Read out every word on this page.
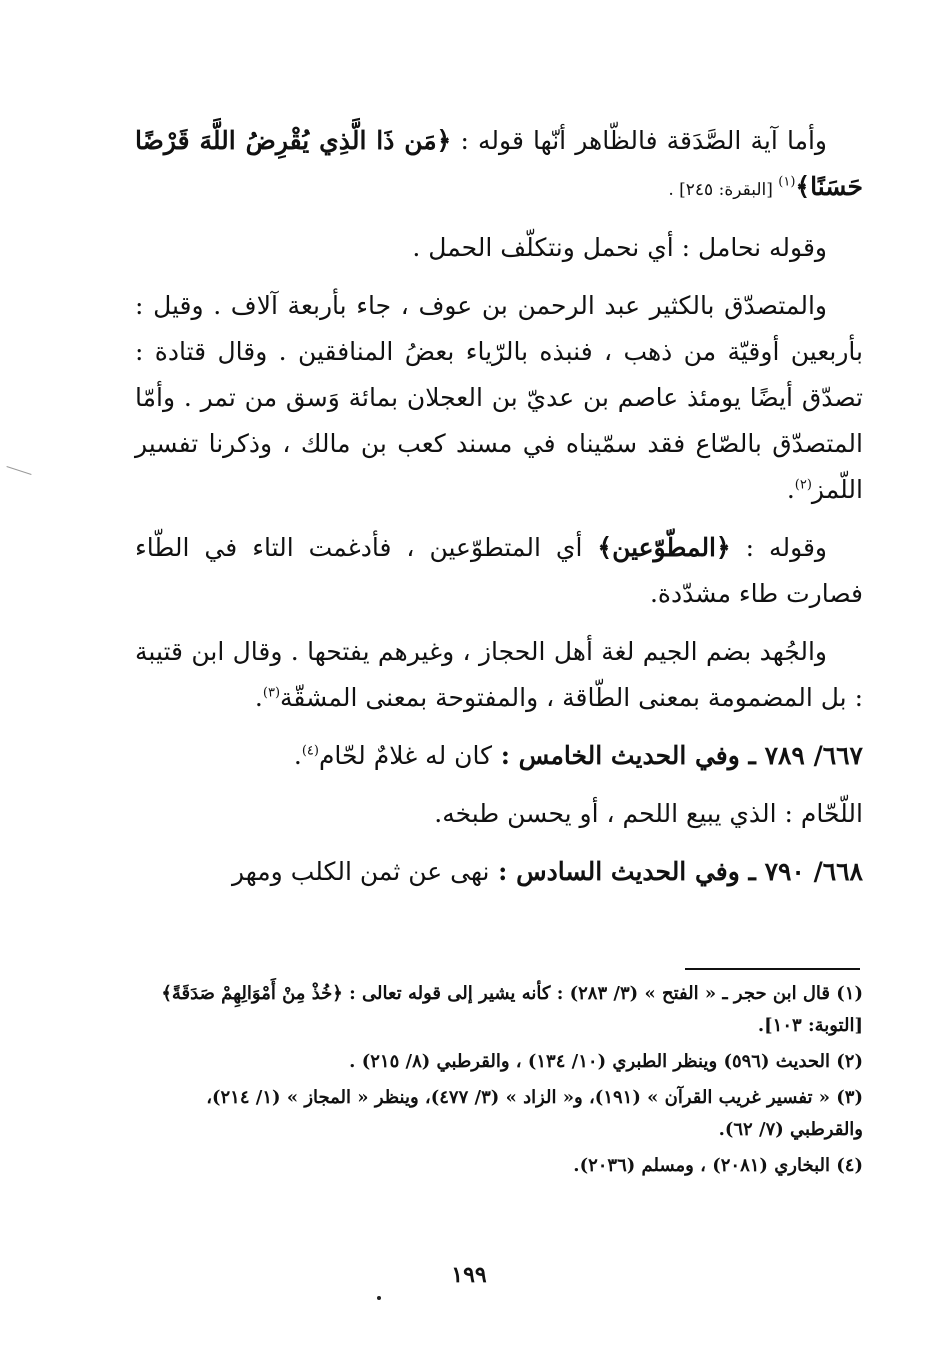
وأما آية الصَّدَقة فالظّاهر أنّها قوله : ﴿مَن ذَا الَّذِي يُقْرِضُ اللَّهَ قَرْضًا حَسَنًا﴾$^{(١)}$ [البقرة: ٢٤٥] .

وقوله نحامل : أي نحمل ونتكلّف الحمل .

والمتصدّق بالكثير عبد الرحمن بن عوف ، جاء بأربعة آلاف . وقيل : بأربعين أوقيّة من ذهب ، فنبذه بالرّياء بعضُ المنافقين . وقال قتادة : تصدّق أيضًا يومئذ عاصم بن عديّ بن العجلان بمائة وَسق من تمر . وأمّا المتصدّق بالصّاع فقد سمّيناه في مسند كعب بن مالك ، وذكرنا تفسير اللّمز$^{(٢)}$.

وقوله : ﴿المطّوّعين﴾ أي المتطوّعين ، فأدغمت التاء في الطّاء فصارت طاء مشدّدة.

والجُهد بضم الجيم لغة أهل الحجاز ، وغيرهم يفتحها . وقال ابن قتيبة : بل المضمومة بمعنى الطّاقة ، والمفتوحة بمعنى المشقّة$^{(٣)}$.

٦٦٧/ ٧٨٩ ـ وفي الحديث الخامس : كان له غلامٌ لحّام$^{(٤)}$.

اللّحّام : الذي يبيع اللحم ، أو يحسن طبخه.

٦٦٨/ ٧٩٠ ـ وفي الحديث السادس : نهى عن ثمن الكلب ومهر

(١) قال ابن حجر ـ « الفتح » (٣/ ٢٨٣) : كأنه يشير إلى قوله تعالى : ﴿خُذْ مِنْ أَمْوَالِهِمْ صَدَقَةً﴾ [التوبة: ١٠٣].

(٢) الحديث (٥٩٦) وينظر الطبري (١٠/ ١٣٤) ، والقرطبي (٨/ ٢١٥) .

(٣) « تفسير غريب القرآن » (١٩١)، و« الزاد » (٣/ ٤٧٧)، وينظر « المجاز » (١/ ٢١٤)، والقرطبي (٧/ ٦٢).

(٤) البخاري (٢٠٨١) ، ومسلم (٢٠٣٦).

١٩٩
